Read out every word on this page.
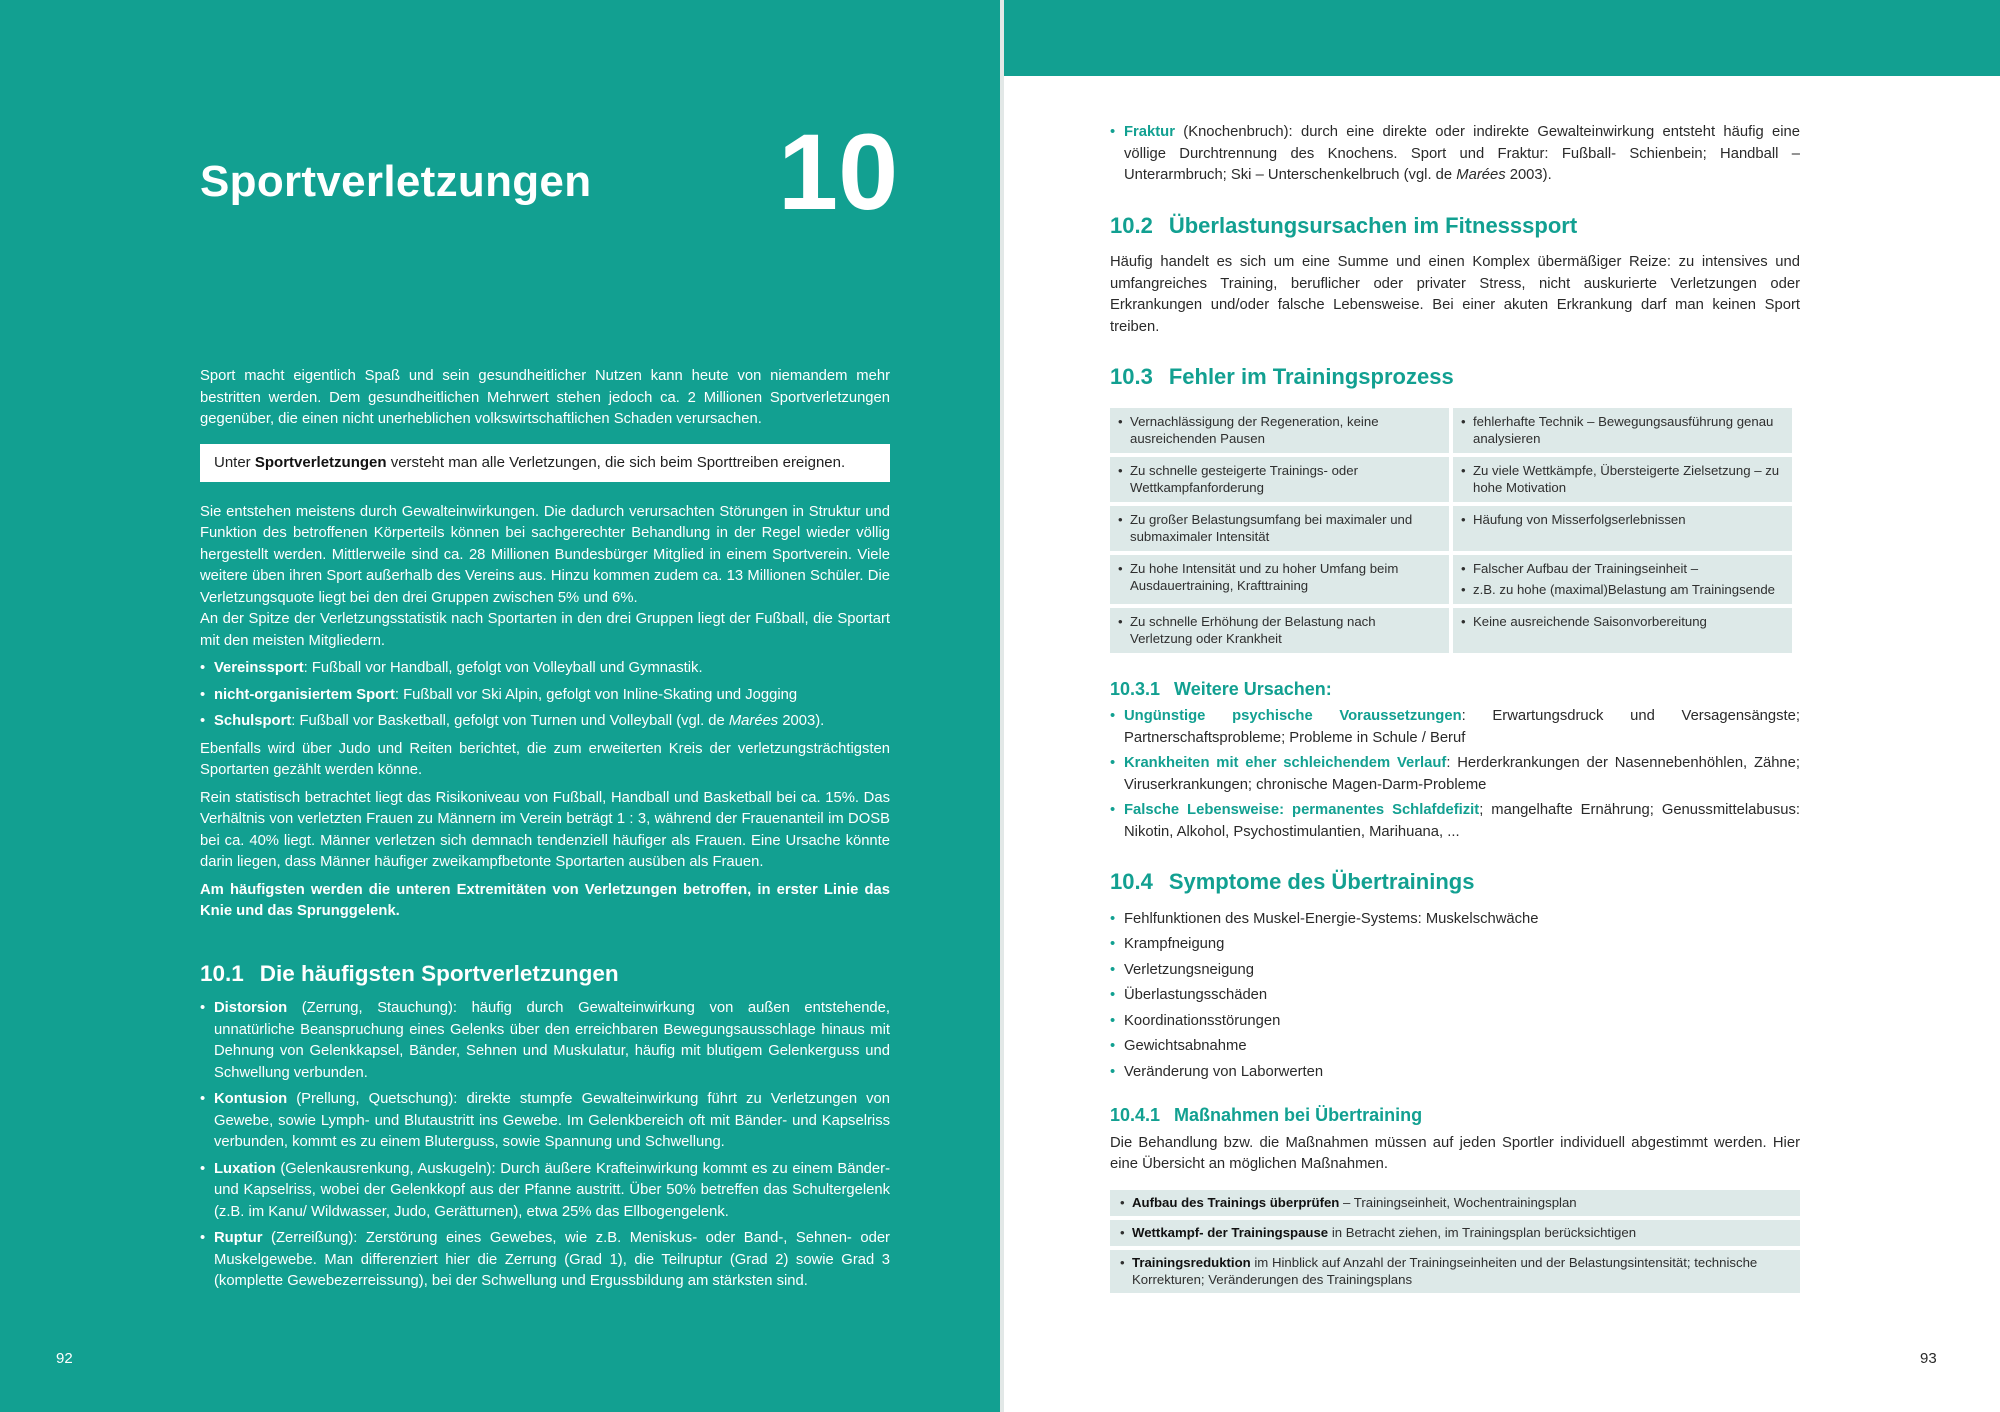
Sportverletzungen 10

Sport macht eigentlich Spaß und sein gesundheitlicher Nutzen kann heute von niemandem mehr bestritten werden. Dem gesundheitlichen Mehrwert stehen jedoch ca. 2 Millionen Sportverletzungen gegenüber, die einen nicht unerheblichen volkswirtschaftlichen Schaden verursachen.

Unter Sportverletzungen versteht man alle Verletzungen, die sich beim Sporttreiben ereignen.

Sie entstehen meistens durch Gewalteinwirkungen. Die dadurch verursachten Störungen in Struktur und Funktion des betroffenen Körperteils können bei sachgerechter Behandlung in der Regel wieder völlig hergestellt werden. Mittlerweile sind ca. 28 Millionen Bundesbürger Mitglied in einem Sportverein. Viele weitere üben ihren Sport außerhalb des Vereins aus. Hinzu kommen zudem ca. 13 Millionen Schüler. Die Verletzungsquote liegt bei den drei Gruppen zwischen 5% und 6%.

An der Spitze der Verletzungsstatistik nach Sportarten in den drei Gruppen liegt der Fußball, die Sportart mit den meisten Mitgliedern.

• Vereinssport: Fußball vor Handball, gefolgt von Volleyball und Gymnastik.
• nicht-organisiertem Sport: Fußball vor Ski Alpin, gefolgt von Inline-Skating und Jogging
• Schulsport: Fußball vor Basketball, gefolgt von Turnen und Volleyball (vgl. de Marées 2003).

Ebenfalls wird über Judo und Reiten berichtet, die zum erweiterten Kreis der verletzungsträchtigsten Sportarten gezählt werden könne.

Rein statistisch betrachtet liegt das Risikoniveau von Fußball, Handball und Basketball bei ca. 15%. Das Verhältnis von verletzten Frauen zu Männern im Verein beträgt 1 : 3, während der Frauenanteil im DOSB bei ca. 40% liegt. Männer verletzen sich demnach tendenziell häufiger als Frauen. Eine Ursache könnte darin liegen, dass Männer häufiger zweikampfbetonte Sportarten ausüben als Frauen.

Am häufigsten werden die unteren Extremitäten von Verletzungen betroffen, in erster Linie das Knie und das Sprunggelenk.

10.1 Die häufigsten Sportverletzungen
• Distorsion (Zerrung, Stauchung): häufig durch Gewalteinwirkung von außen entstehende, unnatürliche Beanspruchung eines Gelenks über den erreichbaren Bewegungsausschlage hinaus mit Dehnung von Gelenkkapsel, Bänder, Sehnen und Muskulatur, häufig mit blutigem Gelenkerguss und Schwellung verbunden.
• Kontusion (Prellung, Quetschung): direkte stumpfe Gewalteinwirkung führt zu Verletzungen von Gewebe, sowie Lymph- und Blutaustritt ins Gewebe. Im Gelenkbereich oft mit Bänder- und Kapselriss verbunden, kommt es zu einem Bluterguss, sowie Spannung und Schwellung.
• Luxation (Gelenkausrenkung, Auskugeln): Durch äußere Krafteinwirkung kommt es zu einem Bänder- und Kapselriss, wobei der Gelenkkopf aus der Pfanne austritt. Über 50% betreffen das Schultergelenk (z.B. im Kanu/ Wildwasser, Judo, Gerätturnen), etwa 25% das Ellbogengelenk.
• Ruptur (Zerreißung): Zerstörung eines Gewebes, wie z.B. Meniskus- oder Band-, Sehnen- oder Muskelgewebe. Man differenziert hier die Zerrung (Grad 1), die Teilruptur (Grad 2) sowie Grad 3 (komplette Gewebezerreissung), bei der Schwellung und Ergussbildung am stärksten sind.
92
• Fraktur (Knochenbruch): durch eine direkte oder indirekte Gewalteinwirkung entsteht häufig eine völlige Durchtrennung des Knochens. Sport und Fraktur: Fußball- Schienbein; Handball – Unterarmbruch; Ski – Unterschenkelbruch (vgl. de Marées 2003).
10.2 Überlastungsursachen im Fitnesssport

Häufig handelt es sich um eine Summe und einen Komplex übermäßiger Reize: zu intensives und umfangreiches Training, beruflicher oder privater Stress, nicht auskurierte Verletzungen oder Erkrankungen und/oder falsche Lebensweise. Bei einer akuten Erkrankung darf man keinen Sport treiben.

10.3 Fehler im Trainingsprozess
• Vernachlässigung der Regeneration, keine ausreichenden Pausen	• fehlerhafte Technik – Bewegungsausführung genau analysieren

• Zu schnelle gesteigerte Trainings- oder Wettkampfanforderung	• Zu viele Wettkämpfe, Übersteigerte Zielsetzung – zu hohe Motivation

• Zu großer Belastungsumfang bei maximaler und submaximaler Intensität	• Häufung von Misserfolgserlebnissen

• Zu hohe Intensität und zu hoher Umfang beim Ausdauertraining, Krafttraining	• Falscher Aufbau der Trainingseinheit –
• z.B. zu hohe (maximal)Belastung am Trainingsende

• Zu schnelle Erhöhung der Belastung nach Verletzung oder Krankheit	• Keine ausreichende Saisonvorbereitung
10.3.1 Weitere Ursachen:
• Ungünstige psychische Voraussetzungen: Erwartungsdruck und Versagensängste; Partnerschaftsprobleme; Probleme in Schule / Beruf
• Krankheiten mit eher schleichendem Verlauf: Herderkrankungen der Nasennebenhöhlen, Zähne; Viruserkrankungen; chronische Magen-Darm-Probleme
• Falsche Lebensweise: permanentes Schlafdefizit; mangelhafte Ernährung; Genussmittelabusus: Nikotin, Alkohol, Psychostimulantien, Marihuana, ...
10.4 Symptome des Übertrainings
• Fehlfunktionen des Muskel-Energie-Systems: Muskelschwäche
• Krampfneigung
• Verletzungsneigung
• Überlastungsschäden
• Koordinationsstörungen
• Gewichtsabnahme
• Veränderung von Laborwerten
10.4.1 Maßnahmen bei Übertraining

Die Behandlung bzw. die Maßnahmen müssen auf jeden Sportler individuell abgestimmt werden. Hier eine Übersicht an möglichen Maßnahmen.

• Aufbau des Trainings überprüfen – Trainingseinheit, Wochentrainingsplan
• Wettkampf- der Trainingspause in Betracht ziehen, im Trainingsplan berücksichtigen
• Trainingsreduktion im Hinblick auf Anzahl der Trainingseinheiten und der Belastungsintensität; technische Korrekturen; Veränderungen des Trainingsplans
93
